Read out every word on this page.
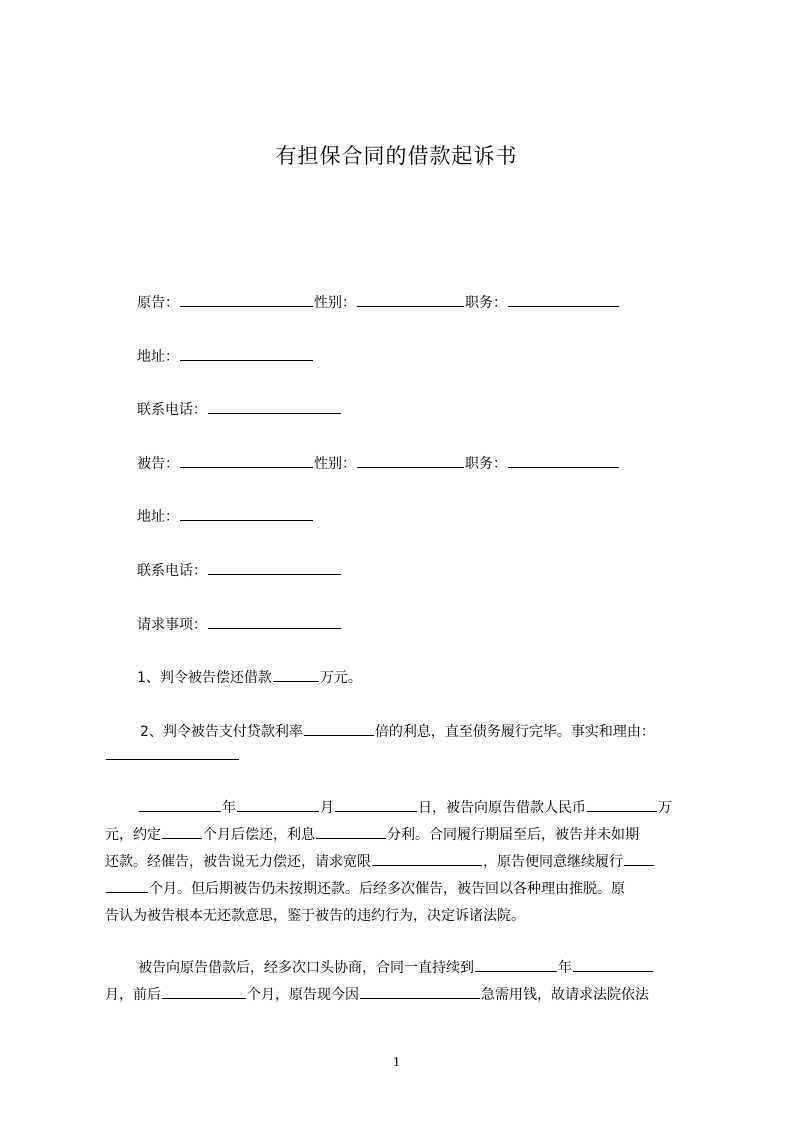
有担保合同的借款起诉书
原告：	性别：	职务：
地址：
联系电话：
被告：	性别：	职务：
地址：
联系电话：
请求事项：
1、判令被告偿还借款	万元。
2、判令被告支付贷款利率	倍的利息，直至债务履行完毕。事实和理由：
年	月	日，被告向原告借款人民币	万
元，约定	个月后偿还，利息	分利。合同履行期届至后，被告并未如期
还款。经催告，被告说无力偿还，请求宽限	，原告便同意继续履行
个月。但后期被告仍未按期还款。后经多次催告，被告回以各种理由推脱。原
告认为被告根本无还款意思，鉴于被告的违约行为，决定诉诸法院。
被告向原告借款后，经多次口头协商，合同一直持续到	年
月，前后	个月，原告现今因	急需用钱，故请求法院依法
1
